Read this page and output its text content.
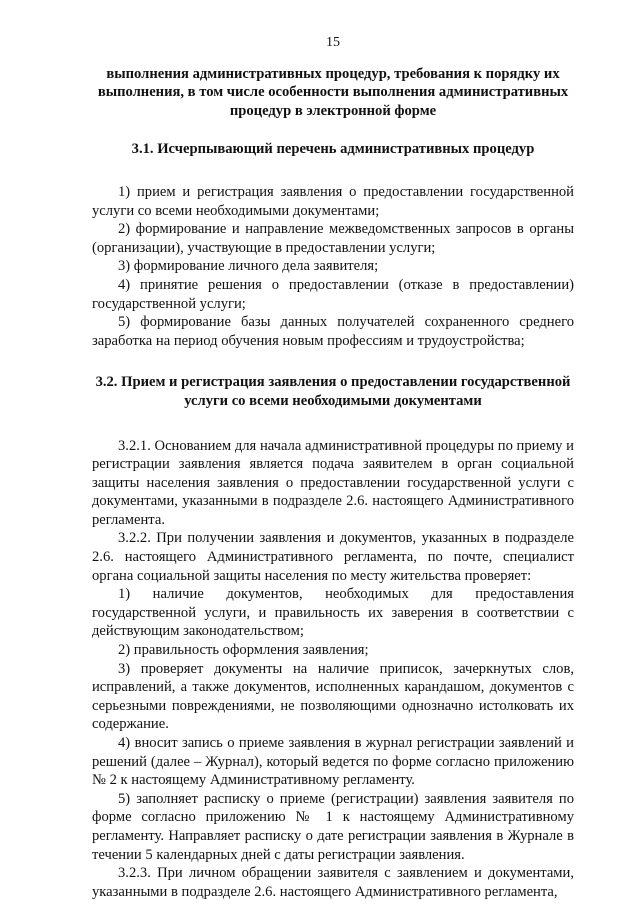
15
выполнения административных процедур, требования к порядку их выполнения, в том числе особенности выполнения административных процедур в электронной форме
3.1. Исчерпывающий перечень административных процедур

1) прием и регистрация заявления о предоставлении государственной услуги со всеми необходимыми документами;

2) формирование и направление межведомственных запросов в органы (организации), участвующие в предоставлении услуги;

3) формирование личного дела заявителя;

4) принятие решения о предоставлении (отказе в предоставлении) государственной услуги;

5) формирование базы данных получателей сохраненного среднего заработка на период обучения новым профессиям и трудоустройства;

3.2. Прием и регистрация заявления о предоставлении государственной услуги со всеми необходимыми документами

3.2.1. Основанием для начала административной процедуры по приему и регистрации заявления является подача заявителем в орган социальной защиты населения заявления о предоставлении государственной услуги с документами, указанными в подразделе 2.6. настоящего Административного регламента.

3.2.2. При получении заявления и документов, указанных в подразделе 2.6. настоящего Административного регламента, по почте, специалист органа социальной защиты населения по месту жительства проверяет:

1) наличие документов, необходимых для предоставления государственной услуги, и правильность их заверения в соответствии с действующим законодательством;

2) правильность оформления заявления;

3) проверяет документы на наличие приписок, зачеркнутых слов, исправлений, а также документов, исполненных карандашом, документов с серьезными повреждениями, не позволяющими однозначно истолковать их содержание.

4) вносит запись о приеме заявления в журнал регистрации заявлений и решений (далее – Журнал), который ведется по форме согласно приложению № 2 к настоящему Административному регламенту.

5) заполняет расписку о приеме (регистрации) заявления заявителя по форме согласно приложению № 1 к настоящему Административному регламенту. Направляет расписку о дате регистрации заявления в Журнале в течении 5 календарных дней с даты регистрации заявления.

3.2.3. При личном обращении заявителя с заявлением и документами, указанными в подразделе 2.6. настоящего Административного регламента,
